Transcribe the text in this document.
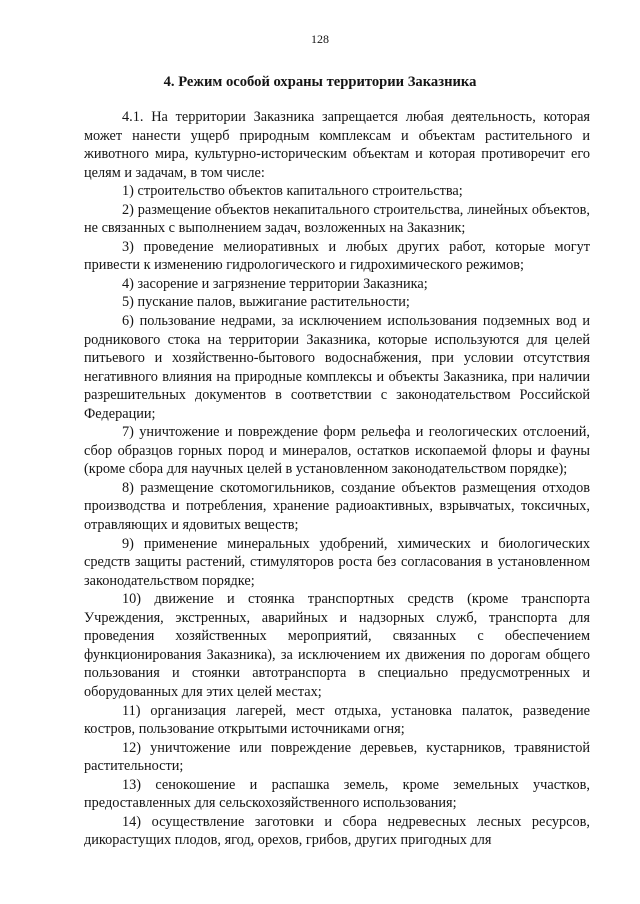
128
4. Режим особой охраны территории Заказника

4.1. На территории Заказника запрещается любая деятельность, которая может нанести ущерб природным комплексам и объектам растительного и животного мира, культурно-историческим объектам и которая противоречит его целям и задачам, в том числе:

1) строительство объектов капитального строительства;

2) размещение объектов некапитального строительства, линейных объектов, не связанных с выполнением задач, возложенных на Заказник;

3) проведение мелиоративных и любых других работ, которые могут привести к изменению гидрологического и гидрохимического режимов;

4) засорение и загрязнение территории Заказника;

5) пускание палов, выжигание растительности;

6) пользование недрами, за исключением использования подземных вод и родникового стока на территории Заказника, которые используются для целей питьевого и хозяйственно-бытового водоснабжения, при условии отсутствия негативного влияния на природные комплексы и объекты Заказника, при наличии разрешительных документов в соответствии с законодательством Российской Федерации;

7) уничтожение и повреждение форм рельефа и геологических отслоений, сбор образцов горных пород и минералов, остатков ископаемой флоры и фауны (кроме сбора для научных целей в установленном законодательством порядке);

8) размещение скотомогильников, создание объектов размещения отходов производства и потребления, хранение радиоактивных, взрывчатых, токсичных, отравляющих и ядовитых веществ;

9) применение минеральных удобрений, химических и биологических средств защиты растений, стимуляторов роста без согласования в установленном законодательством порядке;

10) движение и стоянка транспортных средств (кроме транспорта Учреждения, экстренных, аварийных и надзорных служб, транспорта для проведения хозяйственных мероприятий, связанных с обеспечением функционирования Заказника), за исключением их движения по дорогам общего пользования и стоянки автотранспорта в специально предусмотренных и оборудованных для этих целей местах;

11) организация лагерей, мест отдыха, установка палаток, разведение костров, пользование открытыми источниками огня;

12) уничтожение или повреждение деревьев, кустарников, травянистой растительности;

13) сенокошение и распашка земель, кроме земельных участков, предоставленных для сельскохозяйственного использования;

14) осуществление заготовки и сбора недревесных лесных ресурсов, дикорастущих плодов, ягод, орехов, грибов, других пригодных для
